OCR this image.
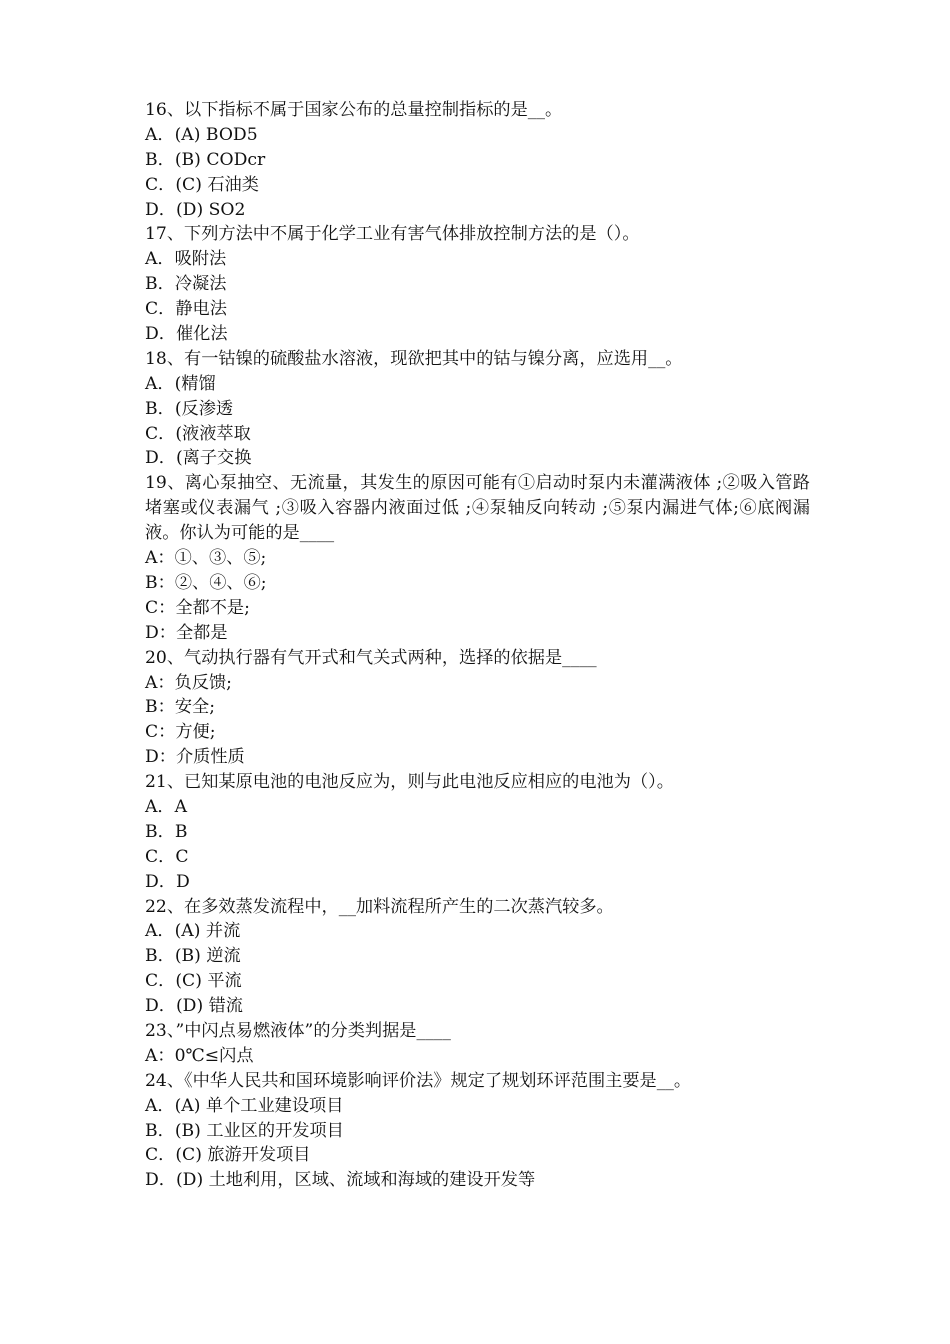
16、以下指标不属于国家公布的总量控制指标的是__。
A．(A) BOD5
B．(B) CODcr
C．(C) 石油类
D．(D) SO2
17、下列方法中不属于化学工业有害气体排放控制方法的是（）。
A．吸附法
B．冷凝法
C．静电法
D．催化法
18、有一钴镍的硫酸盐水溶液，现欲把其中的钴与镍分离，应选用__。
A．(精馏
B．(反渗透
C．(液液萃取
D．(离子交换
19、离心泵抽空、无流量，其发生的原因可能有①启动时泵内未灌满液体 ;②吸入管路堵塞或仪表漏气 ;③吸入容器内液面过低 ;④泵轴反向转动 ;⑤泵内漏进气体;⑥底阀漏液。你认为可能的是____
A：①、③、⑤;
B：②、④、⑥;
C：全都不是;
D：全都是
20、气动执行器有气开式和气关式两种，选择的依据是____
A：负反馈;
B：安全;
C：方便;
D：介质性质
21、已知某原电池的电池反应为，则与此电池反应相应的电池为（）。
A．A
B．B
C．C
D．D
22、在多效蒸发流程中，__加料流程所产生的二次蒸汽较多。
A．(A) 并流
B．(B) 逆流
C．(C) 平流
D．(D) 错流
23、”中闪点易燃液体”的分类判据是____
A：0℃≤闪点
24、《中华人民共和国环境影响评价法》规定了规划环评范围主要是__。
A．(A) 单个工业建设项目
B．(B) 工业区的开发项目
C．(C) 旅游开发项目
D．(D) 土地利用，区域、流域和海域的建设开发等
